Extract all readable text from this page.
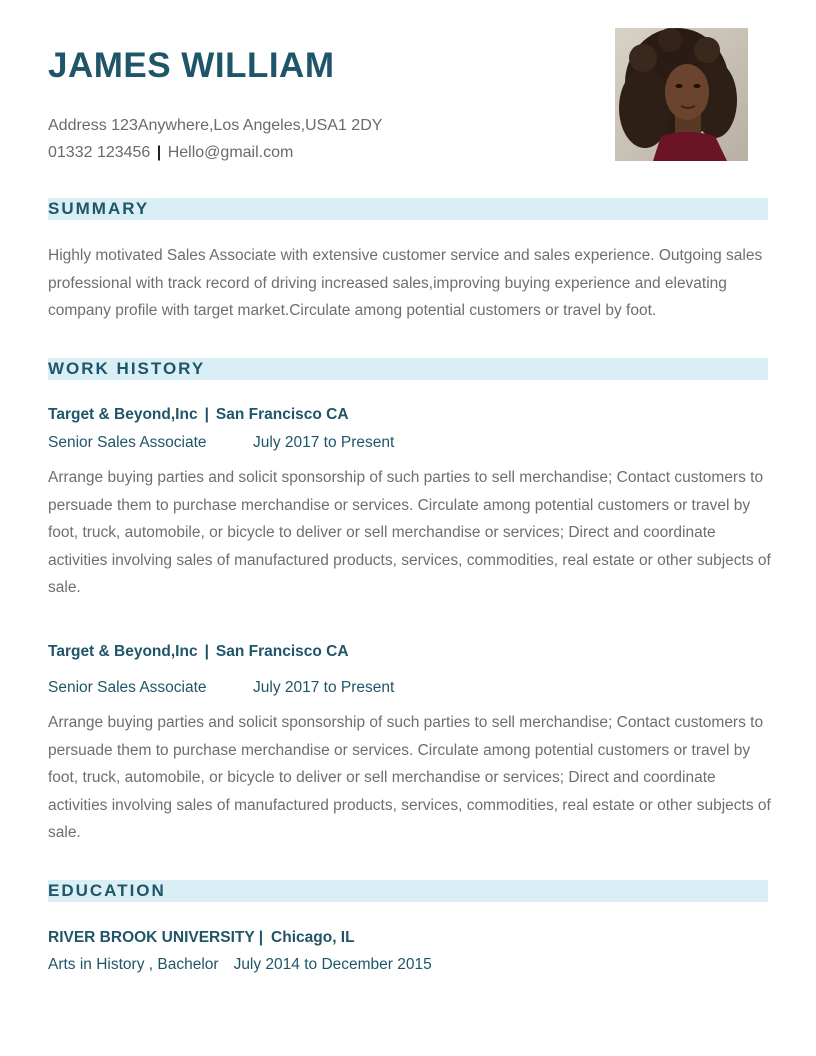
JAMES WILLIAM
Address 123Anywhere,Los Angeles,USA1 2DY
01332 123456 | Hello@gmail.com
SUMMARY
Highly motivated Sales Associate with extensive customer service and sales experience. Outgoing sales professional with track record of driving increased sales,improving buying experience and elevating company profile with target market.Circulate among potential customers or travel by foot.
WORK HISTORY
Target & Beyond,Inc | San Francisco CA
Senior Sales Associate	July 2017 to Present
Arrange buying parties and solicit sponsorship of such parties to sell merchandise; Contact customers to persuade them to purchase merchandise or services. Circulate among potential customers or travel by foot, truck, automobile, or bicycle to deliver or sell merchandise or services; Direct and coordinate activities involving sales of manufactured products, services, commodities, real estate or other subjects of sale.
Target & Beyond,Inc | San Francisco CA
Senior Sales Associate	July 2017 to Present
Arrange buying parties and solicit sponsorship of such parties to sell merchandise; Contact customers to persuade them to purchase merchandise or services. Circulate among potential customers or travel by foot, truck, automobile, or bicycle to deliver or sell merchandise or services; Direct and coordinate activities involving sales of manufactured products, services, commodities, real estate or other subjects of sale.
EDUCATION
RIVER BROOK UNIVERSITY | Chicago, IL
Arts in History , Bachelor July 2014 to December 2015
